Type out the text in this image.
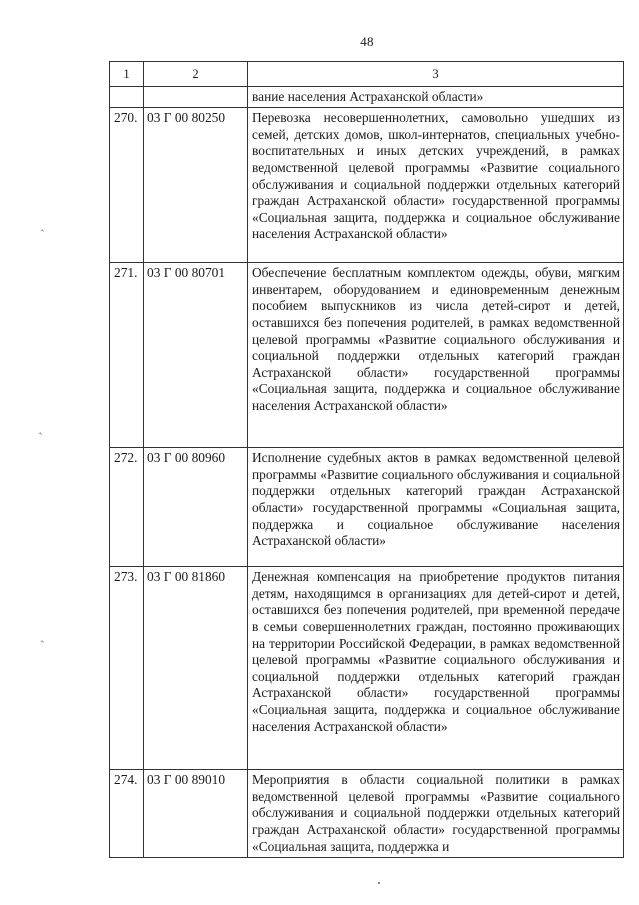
48
›
›
›
1	2	3
		вание населения Астраханской области»
270.	03 Г 00 80250	Перевозка несовершеннолетних, самовольно ушедших из семей, детских домов, школ-интернатов, специальных учебно-воспитательных и иных детских учреждений, в рамках ведомственной целевой программы «Развитие социального обслуживания и социальной поддержки отдельных категорий граждан Астраханской области» государственной программы «Социальная защита, поддержка и социальное обслуживание населения Астраханской области»
271.	03 Г 00 80701	Обеспечение бесплатным комплектом одежды, обуви, мягким инвентарем, оборудованием и единовременным денежным пособием выпускников из числа детей-сирот и детей, оставшихся без попечения родителей, в рамках ведомственной целевой программы «Развитие социального обслуживания и социальной поддержки отдельных категорий граждан Астраханской области» государственной программы «Социальная защита, поддержка и социальное обслуживание населения Астраханской области»
272.	03 Г 00 80960	Исполнение судебных актов в рамках ведомственной целевой программы «Развитие социального обслуживания и социальной поддержки отдельных категорий граждан Астраханской области» государственной программы «Социальная защита, поддержка и социальное обслуживание населения Астраханской области»
273.	03 Г 00 81860	Денежная компенсация на приобретение продуктов питания детям, находящимся в организациях для детей-сирот и детей, оставшихся без попечения родителей, при временной передаче в семьи совершеннолетних граждан, постоянно проживающих на территории Российской Федерации, в рамках ведомственной целевой программы «Развитие социального обслуживания и социальной поддержки отдельных категорий граждан Астраханской области» государственной программы «Социальная защита, поддержка и социальное обслуживание населения Астраханской области»
274.	03 Г 00 89010	Мероприятия в области социальной политики в рамках ведомственной целевой программы «Развитие социального обслуживания и социальной поддержки отдельных категорий граждан Астраханской области» государственной программы «Социальная защита, поддержка и
